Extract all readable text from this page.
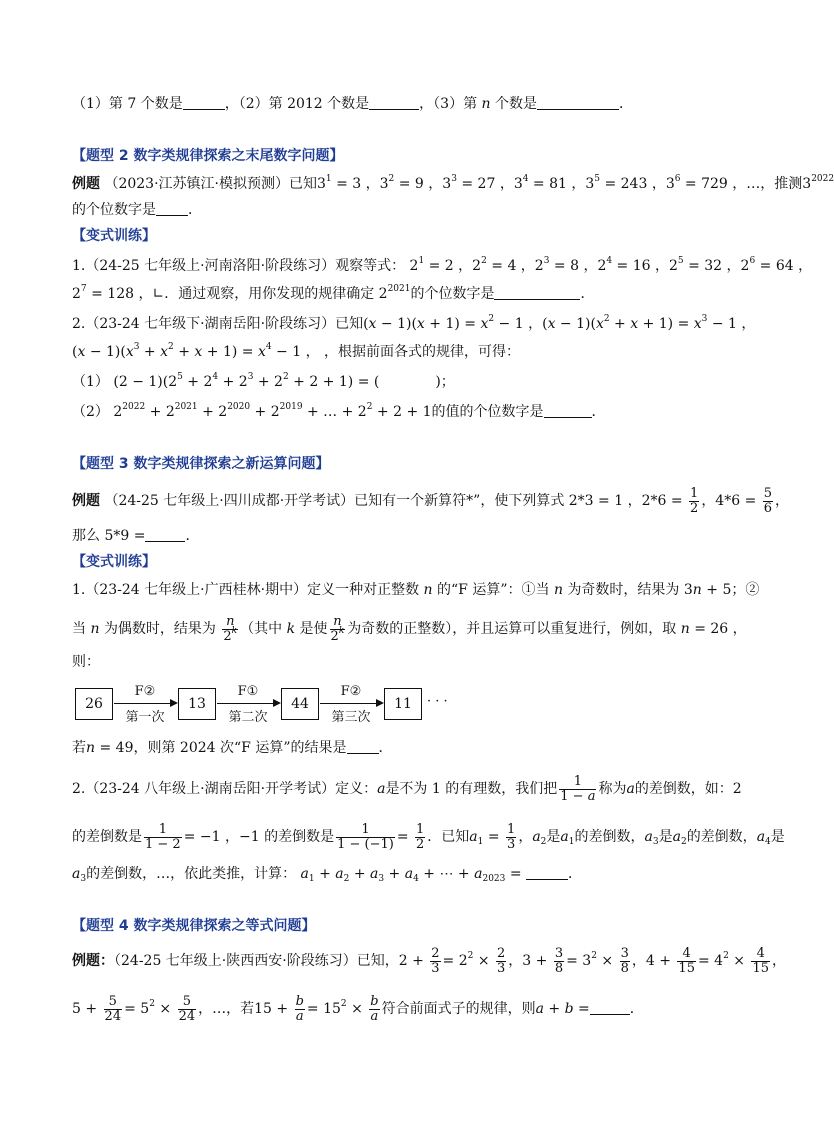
（1）第 7 个数是	，（2）第 2012 个数是	，（3）第 n 个数是	．
【题型 2 数字类规律探索之末尾数字问题】
例题 （2023·江苏镇江·模拟预测）已知$3^1 = 3$ ，$3^2 = 9$ ，$3^3 = 27$ ，$3^4 = 81$ ，$3^5 = 243$ ，$3^6 = 729$ ，…，推测$3^{2022}$
的个位数字是 ．
【变式训练】
1.（24-25 七年级上·河南洛阳·阶段练习）观察等式： $2^1 = 2$ ，$2^2 = 4$ ，$2^3 = 8$ ，$2^4 = 16$ ，$2^5 = 32$ ，$2^6 = 64$ ，
$2^7 = 128$ ，∟．通过观察，用你发现的规律确定 $2^{2021}$的个位数字是	．
2.（23-24 七年级下·湖南岳阳·阶段练习）已知$(x - 1)(x + 1) = x^2 - 1$ ，$(x - 1)(x^2 + x + 1) = x^3 - 1$ ，
$(x - 1)(x^3 + x^2 + x + 1) = x^4 - 1$ ， ，根据前面各式的规律，可得：
（1） $(2 - 1)(2^5 + 2^4 + 2^3 + 2^2 + 2 + 1)$ = (	)；
（2） $2^{2022} + 2^{2021} + 2^{2020} + 2^{2019}$ + … + $2^2 + 2 + 1$的值的个位数字是	．
【题型 3 数字类规律探索之新运算问题】
例题 （24-25 七年级上·四川成都·开学考试）已知有一个新算符*”，使下列算式 2*3 = 1 ，$2*6 = \frac{1}{2}$ ，$4*6 = \frac{5}{6}$ ，
那么 5*9 =	．
【变式训练】
1.（23-24 七年级上·广西桂林·期中）定义一种对正整数 n 的“F 运算”：①当 n 为奇数时，结果为 3n + 5；②
当 n 为偶数时，结果为 $\frac{n}{2^k}$ （其中 k 是使 $\frac{n}{2^k}$ 为奇数的正整数），并且运算可以重复进行，例如，取 n = 26 ，
则：
26
F②
第一次
13
F①
第二次
44
F②
第三次
11	· · ·
若n = 49，则第 2024 次“F 运算”的结果是 ．
2.（23-24 八年级上·湖南岳阳·开学考试）定义：a是不为 1 的有理数，我们把 $\frac{1}{1 - a}$ 称为a的差倒数，如：2
的差倒数是 $\frac{1}{1 - 2} = -1$ ，−1 的差倒数是 $\frac{1}{1 - (-1)} = \frac{1}{2}$ ．已知$a_1 = \frac{1}{3}$ ，$a_2$是$a_1$的差倒数，$a_3$是$a_2$的差倒数，$a_4$是
$a_3$的差倒数，…，依此类推，计算： $a_1 + a_2 + a_3 + a_4$ + ⋯ + $a_{2023}$ =	．
【题型 4 数字类规律探索之等式问题】
例题：（24-25 七年级上·陕西西安·阶段练习）已知，$2 + \frac{2}{3} = 2^2 \times \frac{2}{3}$ ，$3 + \frac{3}{8} = 3^2 \times \frac{3}{8}$ ，$4 + \frac{4}{15} = 4^2 \times \frac{4}{15}$ ，
$5 + \frac{5}{24} = 5^2 \times \frac{5}{24}$ ，…，若$15 + \frac{b}{a} = 15^2 \times \frac{b}{a}$ 符合前面式子的规律，则a + b =	．
